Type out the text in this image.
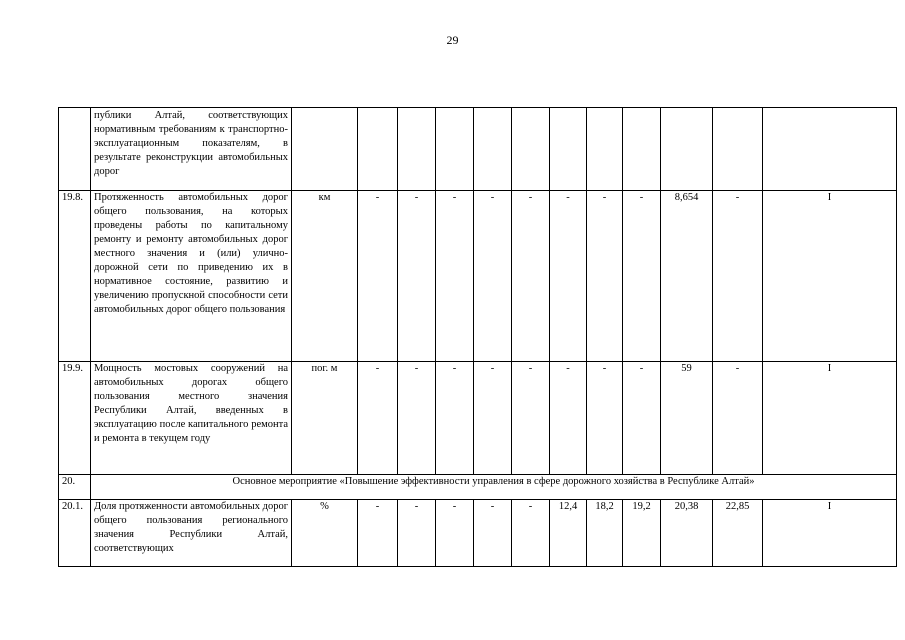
29
	публики Алтай, соответствующих нормативным требованиям к транспортно-эксплуатационным показателям, в результате реконструкции автомобильных дорог												
19.8.	Протяженность автомобильных дорог общего пользования, на которых проведены работы по капитальному ремонту и ремонту автомобильных дорог местного значения и (или) улично-дорожной сети по приведению их в нормативное состояние, развитию и увеличению пропускной способности сети автомобильных дорог общего пользования	км	-	-	-	-	-	-	-	-	8,654	-	I
19.9.	Мощность мостовых сооружений на автомобильных дорогах общего пользования местного значения Республики Алтай, введенных в эксплуатацию после капитального ремонта и ремонта в текущем году	пог. м	-	-	-	-	-	-	-	-	59	-	I
20.	Основное мероприятие «Повышение эффективности управления в сфере дорожного хозяйства в Республике Алтай»												
20.1.	Доля протяженности автомобильных дорог общего пользования регионального значения Республики Алтай, соответствующих	%	-	-	-	-	-	12,4	18,2	19,2	20,38	22,85	I
